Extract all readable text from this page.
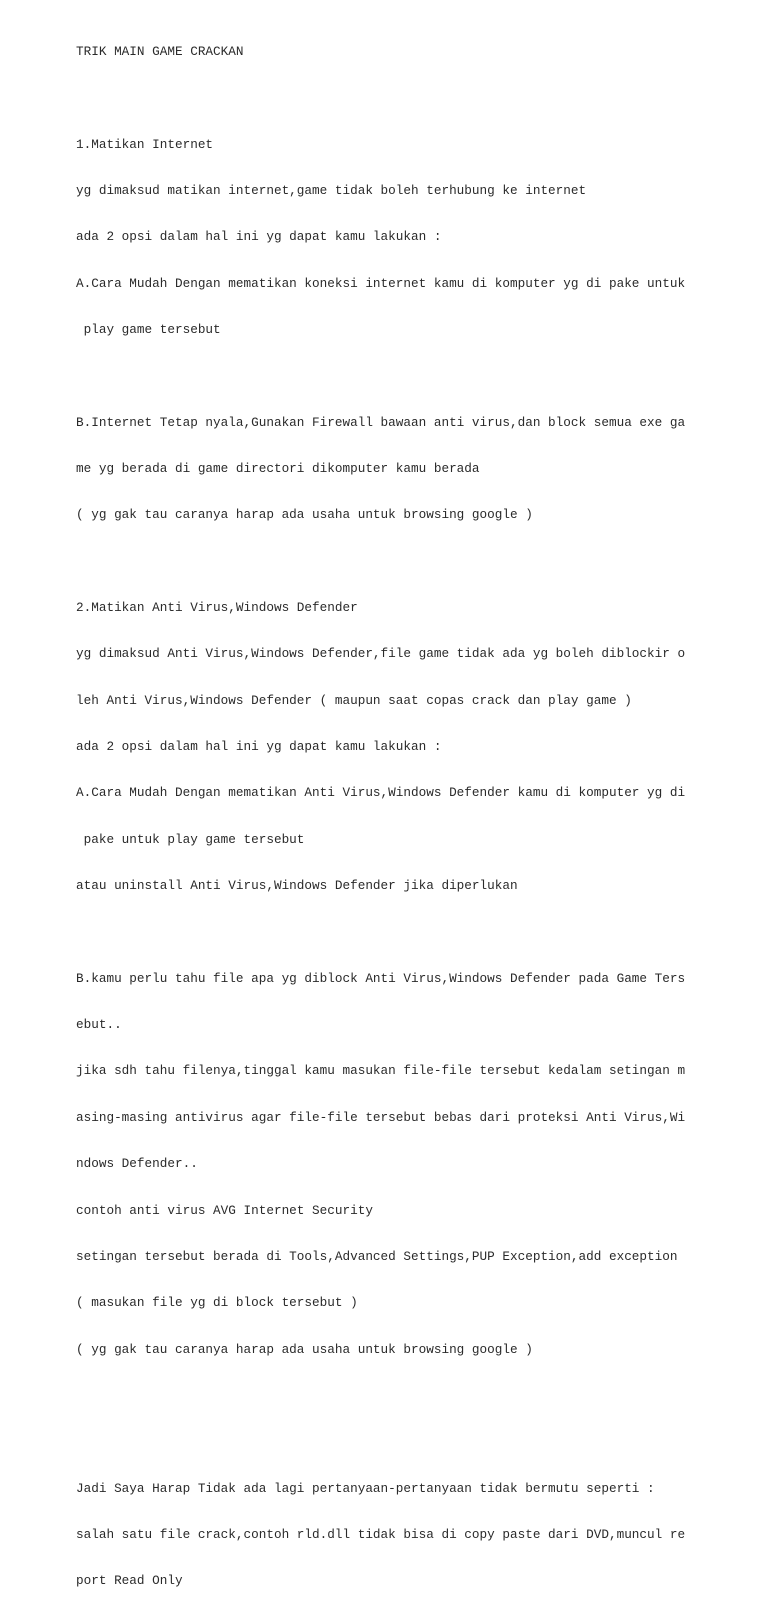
TRIK MAIN GAME CRACKAN

1.Matikan Internet

yg dimaksud matikan internet,game tidak boleh terhubung ke internet

ada 2 opsi dalam hal ini yg dapat kamu lakukan :

A.Cara Mudah Dengan mematikan koneksi internet kamu di komputer yg di pake untuk

play game tersebut

B.Internet Tetap nyala,Gunakan Firewall bawaan anti virus,dan block semua exe ga

me yg berada di game directori dikomputer kamu berada

( yg gak tau caranya harap ada usaha untuk browsing google )

2.Matikan Anti Virus,Windows Defender

yg dimaksud Anti Virus,Windows Defender,file game tidak ada yg boleh diblockir o

leh Anti Virus,Windows Defender ( maupun saat copas crack dan play game )

ada 2 opsi dalam hal ini yg dapat kamu lakukan :

A.Cara Mudah Dengan mematikan Anti Virus,Windows Defender kamu di komputer yg di

pake untuk play game tersebut

atau uninstall Anti Virus,Windows Defender jika diperlukan

B.kamu perlu tahu file apa yg diblock Anti Virus,Windows Defender pada Game Ters

ebut..

jika sdh tahu filenya,tinggal kamu masukan file-file tersebut kedalam setingan m

asing-masing antivirus agar file-file tersebut bebas dari proteksi Anti Virus,Wi

ndows Defender..

contoh anti virus AVG Internet Security

setingan tersebut berada di Tools,Advanced Settings,PUP Exception,add exception

( masukan file yg di block tersebut )

( yg gak tau caranya harap ada usaha untuk browsing google )

Jadi Saya Harap Tidak ada lagi pertanyaan-pertanyaan tidak bermutu seperti :

salah satu file crack,contoh rld.dll tidak bisa di copy paste dari DVD,muncul re

port Read Only
